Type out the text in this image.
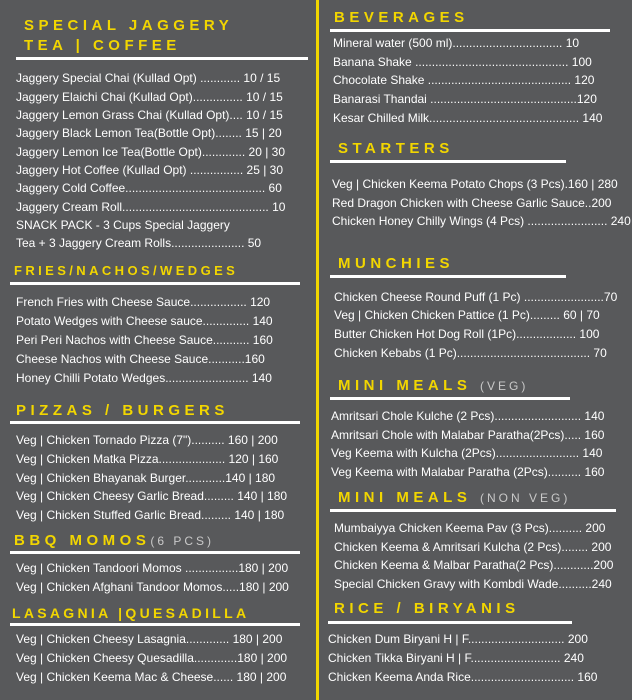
SPECIAL JAGGERY
TEA | COFFEE
Jaggery Special Chai (Kullad Opt) ............ 10 / 15
Jaggery Elaichi Chai (Kullad Opt)............... 10 / 15
Jaggery Lemon Grass Chai (Kullad Opt).... 10 / 15
Jaggery Black Lemon Tea(Bottle Opt)........ 15 | 20
Jaggery Lemon Ice Tea(Bottle Opt)............. 20 | 30
Jaggery Hot Coffee (Kullad Opt) ................ 25 | 30
Jaggery Cold Coffee.......................................... 60
Jaggery Cream Roll............................................ 10
SNACK PACK - 3 Cups Special Jaggery
Tea + 3 Jaggery Cream Rolls...................... 50
FRIES/NACHOS/WEDGES
French Fries with Cheese Sauce................. 120
Potato Wedges with Cheese sauce.............. 140
Peri Peri Nachos with Cheese Sauce........... 160
Cheese Nachos with Cheese Sauce...........160
Honey Chilli Potato Wedges......................... 140
PIZZAS / BURGERS
Veg | Chicken Tornado Pizza (7").......... 160 | 200
Veg | Chicken Matka Pizza.................... 120 | 160
Veg | Chicken Bhayanak Burger............140 | 180
Veg | Chicken Cheesy Garlic Bread......... 140 | 180
Veg | Chicken Stuffed Garlic Bread......... 140 | 180
BBQ MOMOS(6 PCS)
Veg | Chicken Tandoori Momos ................180 | 200
Veg | Chicken Afghani Tandoor Momos.....180 | 200
LASAGNIA |QUESADILLA
Veg | Chicken Cheesy Lasagnia............. 180 | 200
Veg | Chicken Cheesy Quesadilla.............180 | 200
Veg | Chicken Keema Mac & Cheese...... 180 | 200
BEVERAGES
Mineral water (500 ml)................................. 10
Banana Shake .............................................. 100
Chocolate Shake ........................................... 120
Banarasi Thandai ............................................120
Kesar Chilled Milk............................................. 140
STARTERS
Veg | Chicken Keema Potato Chops (3 Pcs).160 | 280
Red Dragon Chicken with Cheese Garlic Sauce..200
Chicken Honey Chilly Wings (4 Pcs) ........................ 240
MUNCHIES
Chicken Cheese Round Puff (1 Pc) ........................70
Veg | Chicken Chicken Pattice (1 Pc)......... 60 | 70
Butter Chicken Hot Dog Roll (1Pc).................. 100
Chicken Kebabs (1 Pc)........................................ 70
MINI MEALS (VEG)
Amritsari Chole Kulche (2 Pcs).......................... 140
Amritsari Chole with Malabar Paratha(2Pcs)..... 160
Veg Keema with Kulcha (2Pcs)......................... 140
Veg Keema with Malabar Paratha (2Pcs).......... 160
MINI MEALS (NON VEG)
Mumbaiyya Chicken Keema Pav (3 Pcs).......... 200
Chicken Keema & Amritsari Kulcha (2 Pcs)........ 200
Chicken Keema & Malbar Paratha(2 Pcs)............200
Special Chicken Gravy with Kombdi Wade..........240
RICE / BIRYANIS
Chicken Dum Biryani H | F............................. 200
Chicken Tikka Biryani H | F........................... 240
Chicken Keema Anda Rice............................... 160
